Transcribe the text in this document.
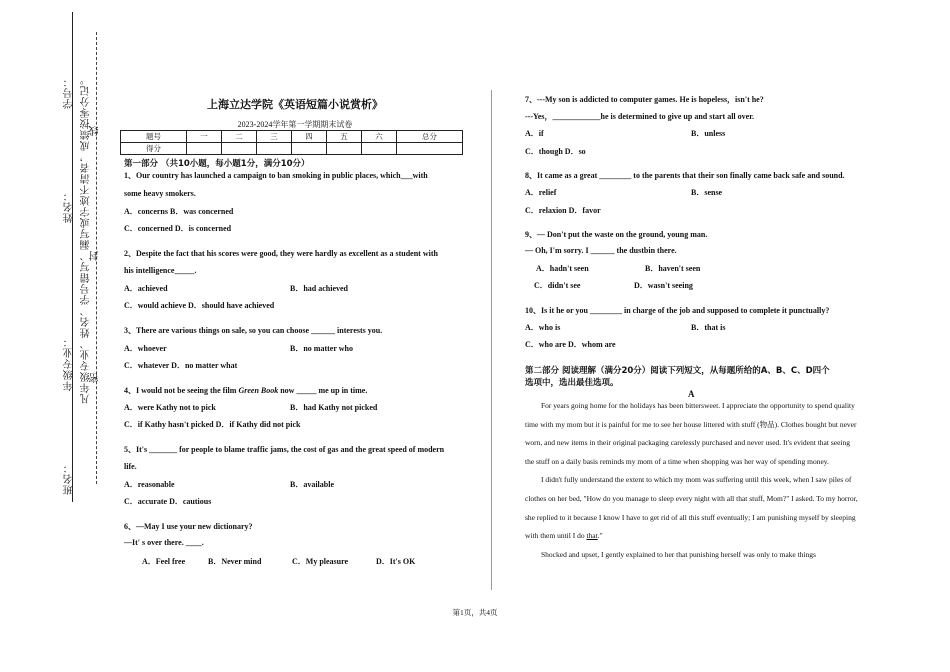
学号：
姓名：
年级专业：
班名：
凡年级专业、姓名、学号错写、漏写或字迹不清者，成绩按零分记。
线
封
密
上海立达学院《英语短篇小说赏析》
2023-2024学年第一学期期末试卷
题号	一	二	三	四	五	六	总分
得分							
第一部分 （共10小题，每小题1分，满分10分）
1、Our country has launched a campaign to ban smoking in public places, which___with
some heavy smokers.
A．concerns B．was concerned
C．concerned D．is concerned
2、Despite the fact that his scores were good, they were hardly as excellent as a student with
his intelligence_____.
A．achieved	B．had achieved
C．would achieve D．should have achieved
3、There are various things on sale, so you can choose ______ interests you.
A．whoever	B．no matter who
C．whatever D．no matter what
4、I would not be seeing the film Green Book now _____ me up in time.
A．were Kathy not to pick	B．had Kathy not picked
C．if Kathy hasn't picked D．if Kathy did not pick
5、It's _______ for people to blame traffic jams, the cost of gas and the great speed of modern
life.
A．reasonable	B．available
C．accurate D．cautious
6、—May I use your new dictionary?
—It' s over there. ____.
A．Feel free	B．Never mind	C．My pleasure	D．It's OK
7、---My son is addicted to computer games. He is hopeless，isn't he?
---Yes，____________he is determined to give up and start all over.
A．if	B．unless
C．though D．so
8、It came as a great ________ to the parents that their son finally came back safe and sound.
A．relief	B．sense
C．relaxion D．favor
9、— Don't put the waste on the ground, young man.
— Oh, I'm sorry. I ______ the dustbin there.
A．hadn't seen	B．haven't seen
C．didn't see	D．wasn't seeing
10、Is it he or you ________ in charge of the job and supposed to complete it punctually?
A．who is	B．that is
C．who are D．whom are
第二部分 阅读理解（满分20分）阅读下列短文，从每题所给的A、B、C、D四个
选项中，选出最佳选项。
A

For years going home for the holidays has been bittersweet. I appreciate the opportunity to spend quality time with my mom but it is painful for me to see her house littered with stuff (物品). Clothes bought but never worn, and new items in their original packaging carelessly purchased and never used. It's evident that seeing the stuff on a daily basis reminds my mom of a time when shopping was her way of spending money.

I didn't fully understand the extent to which my mom was suffering until this week, when I saw piles of clothes on her bed, "How do you manage to sleep every night with all that stuff, Mom?" I asked. To my horror, she replied to it because I know I have to get rid of all this stuff eventually; I am punishing myself by sleeping with them until I do that."

Shocked and upset, I gently explained to her that punishing herself was only to make things

第1页，共4页
